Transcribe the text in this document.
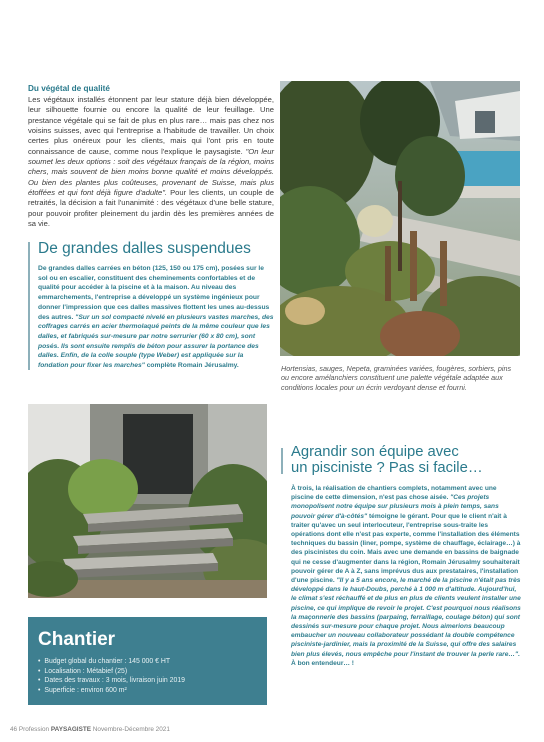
Du végétal de qualité

Les végétaux installés étonnent par leur stature déjà bien développée, leur silhouette fournie ou encore la qualité de leur feuillage. Une prestance végétale qui se fait de plus en plus rare… mais pas chez nos voisins suisses, avec qui l'entreprise a l'habitude de travailler. Un choix certes plus onéreux pour les clients, mais qui l'ont pris en toute connaissance de cause, comme nous l'explique le paysagiste. "On leur soumet les deux options : soit des végétaux français de la région, moins chers, mais souvent de bien moins bonne qualité et moins développés. Ou bien des plantes plus coûteuses, provenant de Suisse, mais plus étoffées et qui font déjà figure d'adulte". Pour les clients, un couple de retraités, la décision a fait l'unanimité : des végétaux d'une belle stature, pour pouvoir profiter pleinement du jardin dès les premières années de sa vie.

De grandes dalles suspendues

De grandes dalles carrées en béton (125, 150 ou 175 cm), posées sur le sol ou en escalier, constituent des cheminements confortables et de qualité pour accéder à la piscine et à la maison. Au niveau des emmarchements, l'entreprise a développé un système ingénieux pour donner l'impression que ces dalles massives flottent les unes au-dessus des autres. "Sur un sol compacté nivelé en plusieurs vastes marches, des coffrages carrés en acier thermolaqué peints de la même couleur que les dalles, et fabriqués sur-mesure par notre serrurier (60 x 80 cm), sont posés. Ils sont ensuite remplis de béton pour assurer la portance des dalles. Enfin, de la colle souple (type Weber) est appliquée sur la fondation pour fixer les marches" complète Romain Jérusalmy.	Hortensias, sauges, Nepeta, graminées variées, fougères, sorbiers, pins ou encore amélanchiers constituent une palette végétale adaptée aux conditions locales pour un écrin verdoyant dense et fourni.

Chantier
• Budget global du chantier : 145 000 € HT
• Localisation : Métabief (25)
• Dates des travaux : 3 mois, livraison juin 2019
• Superficie : environ 600 m²
Agrandir son équipe avec
un pisciniste ? Pas si facile…

À trois, la réalisation de chantiers complets, notamment avec une piscine de cette dimension, n'est pas chose aisée. "Ces projets monopolisent notre équipe sur plusieurs mois à plein temps, sans pouvoir gérer d'à-côtés" témoigne le gérant. Pour que le client n'ait à traiter qu'avec un seul interlocuteur, l'entreprise sous-traite les opérations dont elle n'est pas experte, comme l'installation des éléments techniques du bassin (liner, pompe, système de chauffage, éclairage…) à des piscinistes du coin. Mais avec une demande en bassins de baignade qui ne cesse d'augmenter dans la région, Romain Jérusalmy souhaiterait pouvoir gérer de A à Z, sans imprévus dus aux prestataires, l'installation d'une piscine. "Il y a 5 ans encore, le marché de la piscine n'était pas très développé dans le haut-Doubs, perché à 1 000 m d'altitude. Aujourd'hui, le climat s'est réchauffé et de plus en plus de clients veulent installer une piscine, ce qui implique de revoir le projet. C'est pourquoi nous réalisons la maçonnerie des bassins (parpaing, ferraillage, coulage béton) qui sont dessinés sur-mesure pour chaque projet. Nous aimerions beaucoup embaucher un nouveau collaborateur possédant la double compétence pisciniste-jardinier, mais la proximité de la Suisse, qui offre des salaires bien plus élevés, nous empêche pour l'instant de trouver la perle rare…". À bon entendeur… !

46 Profession PAYSAGISTE Novembre-Décembre 2021
